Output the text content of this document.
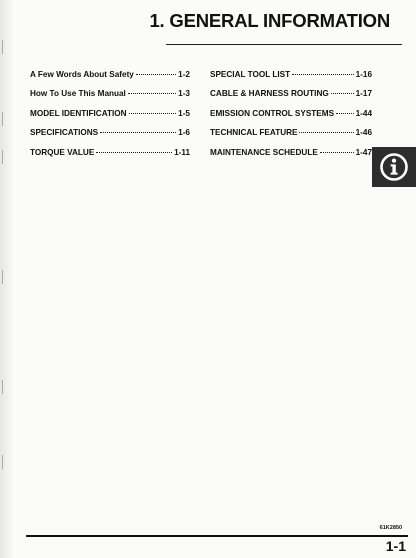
1. GENERAL INFORMATION
A Few Words About Safety	1-2
How To Use This Manual	1-3
MODEL IDENTIFICATION	1-5
SPECIFICATIONS	1-6
TORQUE VALUE	1-11
SPECIAL TOOL LIST	1-16
CABLE & HARNESS ROUTING	1-17
EMISSION CONTROL SYSTEMS	1-44
TECHNICAL FEATURE	1-46
MAINTENANCE SCHEDULE	1-47
61K2850
1-1
